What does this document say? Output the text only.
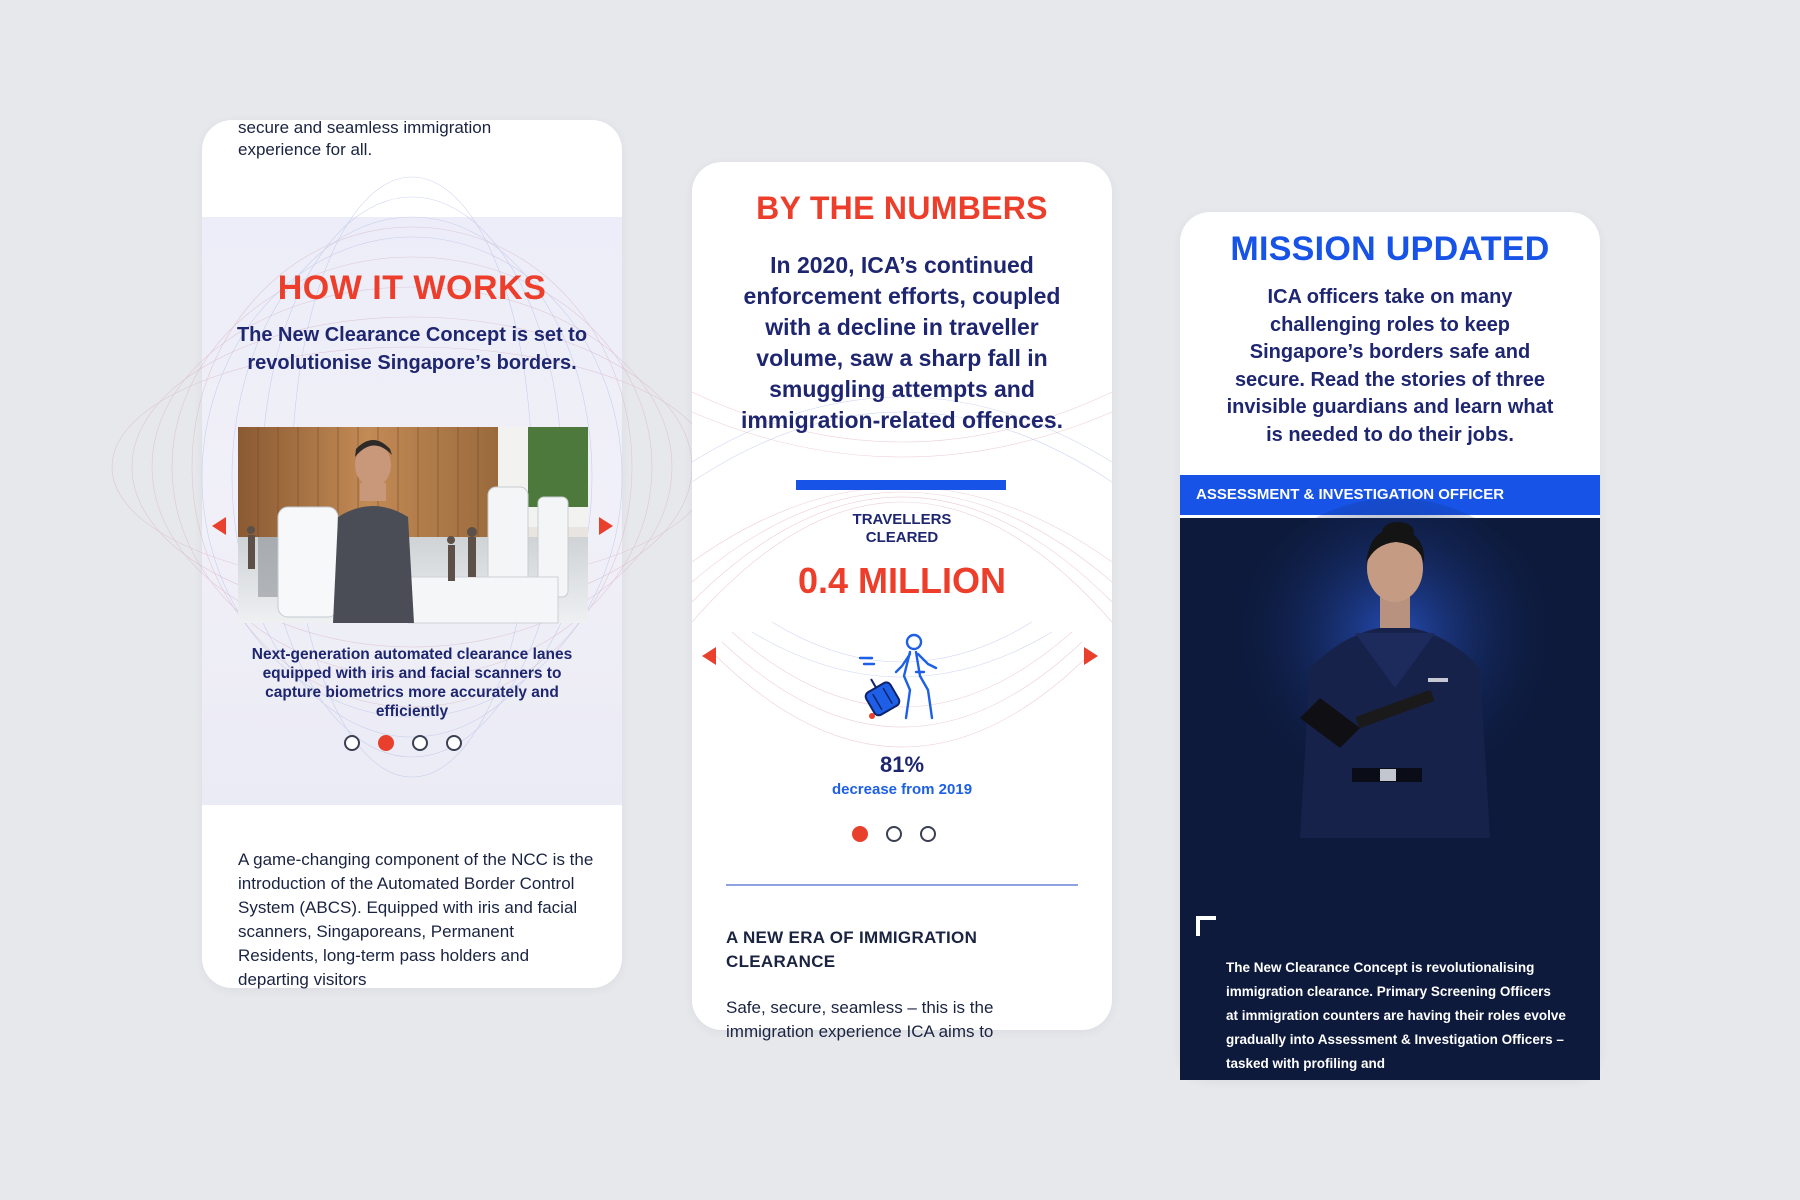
secure and seamless immigration
experience for all.
HOW IT WORKS
The New Clearance Concept is set to revolutionise Singapore’s borders.
Next-generation automated clearance lanes equipped with iris and facial scanners to capture biometrics more accurately and efficiently
A game-changing component of the NCC is the introduction of the Automated Border Control System (ABCS). Equipped with iris and facial scanners, Singaporeans, Permanent Residents, long-term pass holders and departing visitors
BY THE NUMBERS
In 2020, ICA’s continued enforcement efforts, coupled with a decline in traveller volume, saw a sharp fall in smuggling attempts and immigration-related offences.
TRAVELLERS CLEARED
0.4 MILLION
81%
decrease from 2019
A NEW ERA OF IMMIGRATION CLEARANCE
Safe, secure, seamless – this is the
immigration experience ICA aims to
MISSION UPDATED
ICA officers take on many challenging roles to keep Singapore’s borders safe and secure. Read the stories of three invisible guardians and learn what is needed to do their jobs.
ASSESSMENT & INVESTIGATION OFFICER
The New Clearance Concept is revolutionalising immigration clearance. Primary Screening Officers at immigration counters are having their roles evolve gradually into Assessment & Investigation Officers – tasked with profiling and
